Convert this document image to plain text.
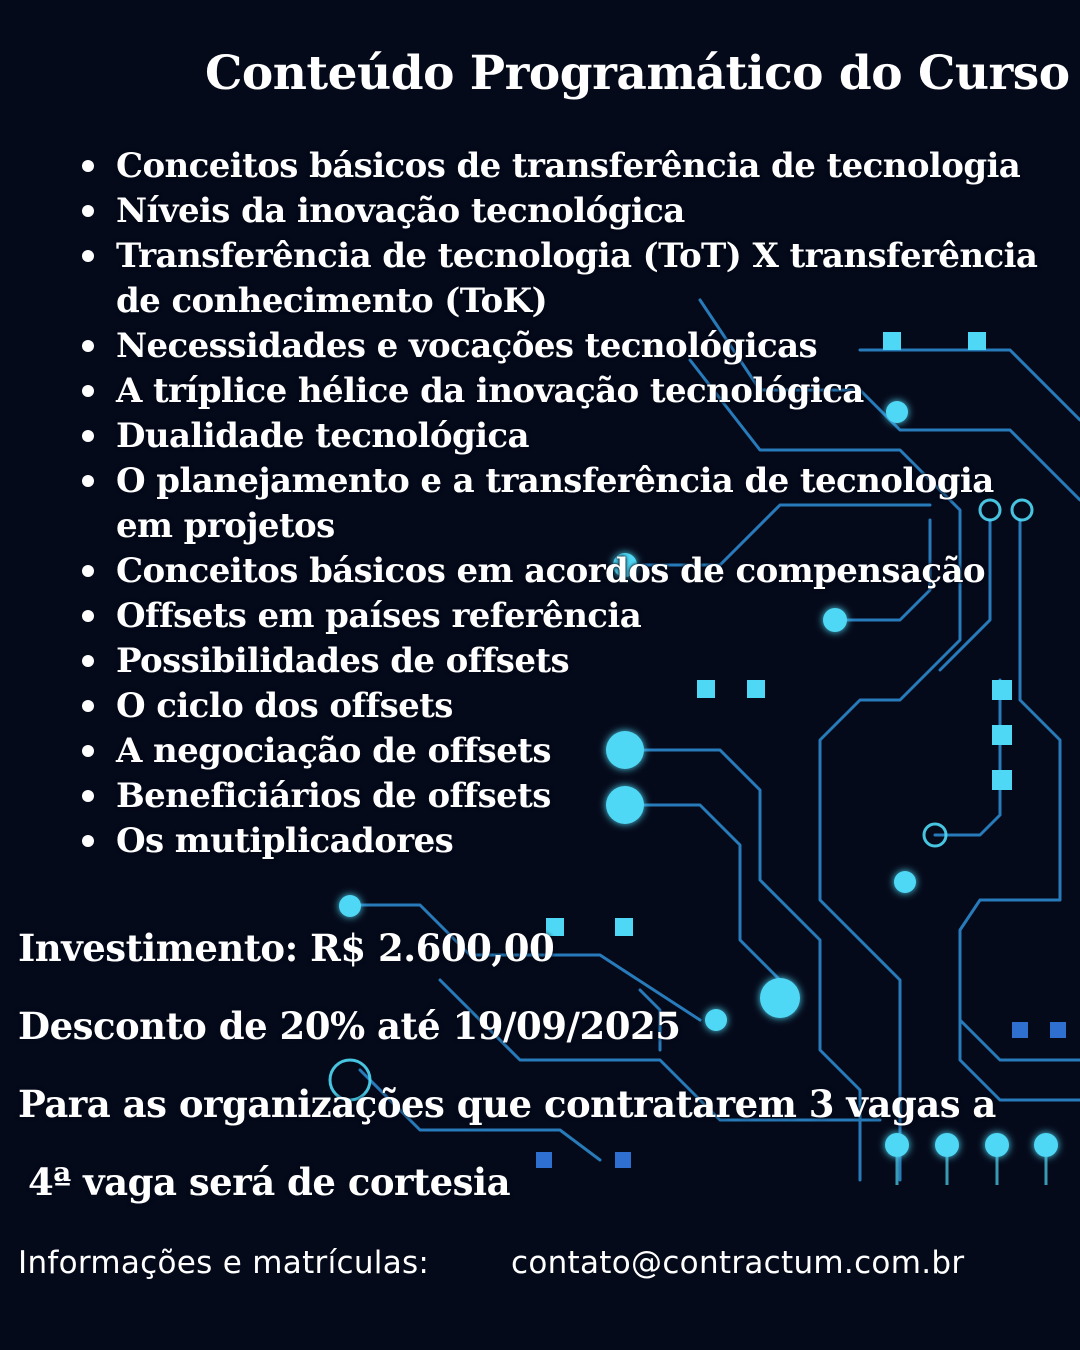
Conteúdo Programático do Curso
Conceitos básicos de transferência de tecnologia
Níveis da inovação tecnológica
Transferência de tecnologia (ToT) X transferência de conhecimento (ToK)
Necessidades e vocações tecnológicas
A tríplice hélice da inovação tecnológica
Dualidade tecnológica
O planejamento e a transferência de tecnologia em projetos
Conceitos básicos em acordos de compensação
Offsets em países referência
Possibilidades de offsets
O ciclo dos offsets
A negociação de offsets
Beneficiários de offsets
Os mutiplicadores
Investimento: R$ 2.600,00
Desconto de 20% até 19/09/2025
Para as organizações que contratarem 3 vagas a
4ª vaga será de cortesia
Informações e matrículas:	contato@contractum.com.br
